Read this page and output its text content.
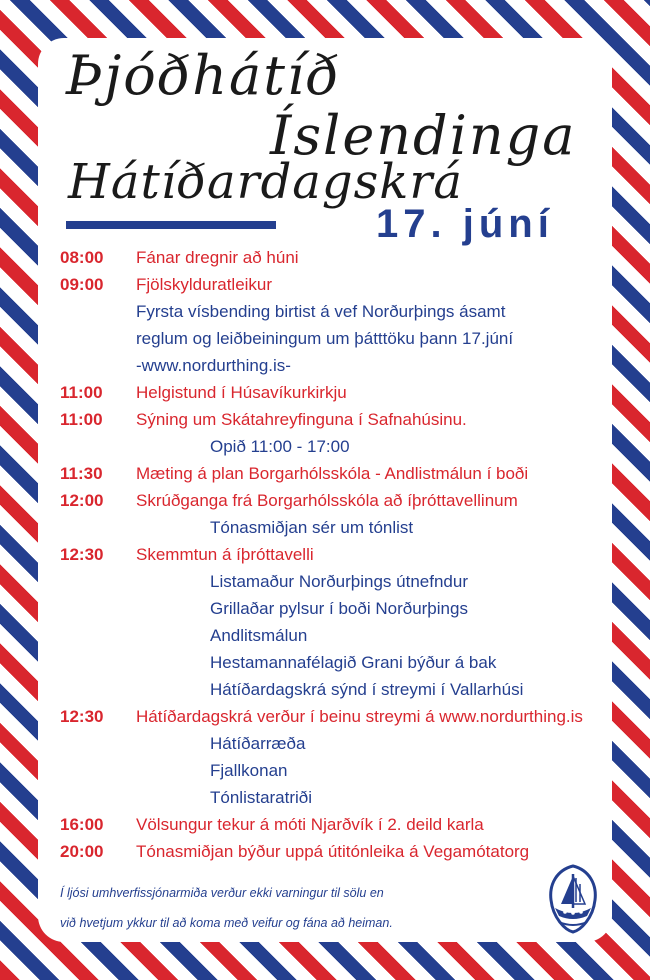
Þjóðhátíð
Íslendinga
Hátíðardagskrá
17. júní
08:00	Fánar dregnir að húni
09:00	Fjölskylduratleikur
Fyrsta vísbending birtist á vef Norðurþings ásamt
reglum og leiðbeiningum um þátttöku þann 17.júní
-www.nordurthing.is-
11:00	Helgistund í Húsavíkurkirkju
11:00	Sýning um Skátahreyfinguna í Safnahúsinu.
Opið 11:00 - 17:00
11:30	Mæting á plan Borgarhólsskóla - Andlistmálun í boði
12:00	Skrúðganga frá Borgarhólsskóla að íþróttavellinum
Tónasmiðjan sér um tónlist
12:30	Skemmtun á íþróttavelli
Listamaður Norðurþings útnefndur
Grillaðar pylsur í boði Norðurþings
Andlitsmálun
Hestamannafélagið Grani býður á bak
Hátíðardagskrá sýnd í streymi í Vallarhúsi
12:30	Hátíðardagskrá verður í beinu streymi á www.nordurthing.is
Hátíðarræða
Fjallkonan
Tónlistaratriði
16:00	Völsungur tekur á móti Njarðvík í 2. deild karla
20:00	Tónasmiðjan býður uppá útitónleika á Vegamótatorg
Í ljósi umhverfissjónarmiða verður ekki varningur til sölu en
við hvetjum ykkur til að koma með veifur og fána að heiman.
